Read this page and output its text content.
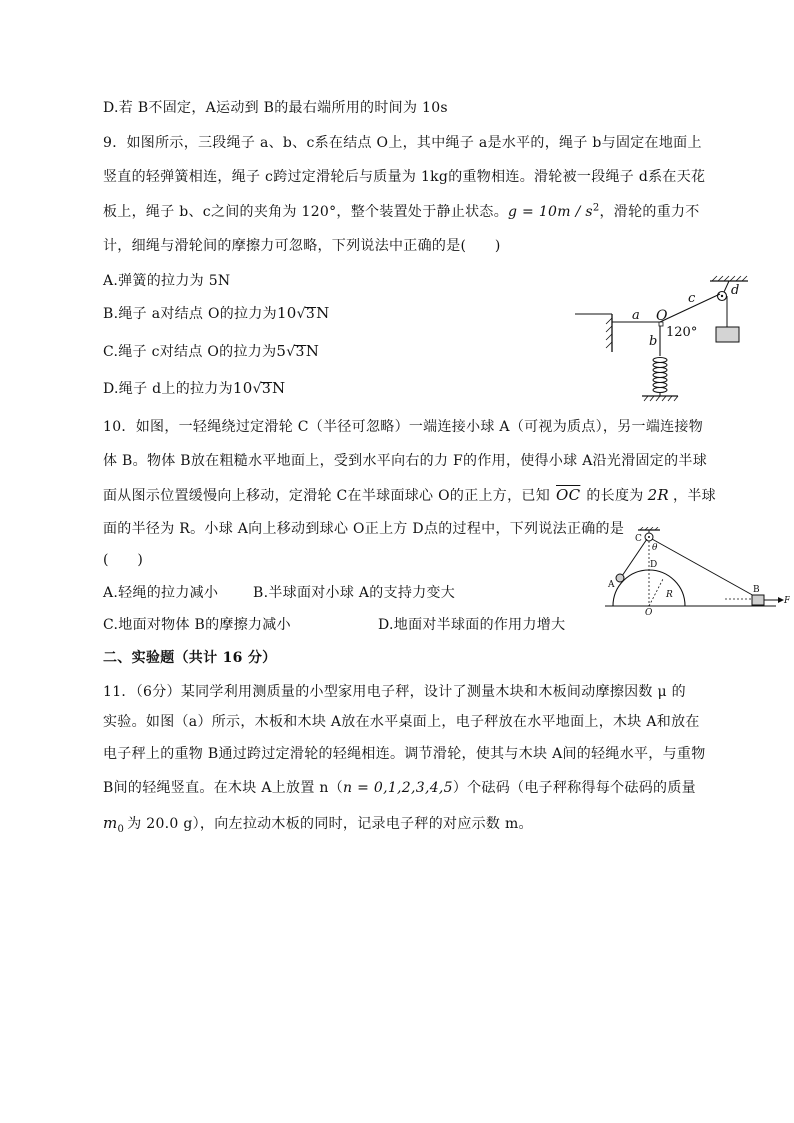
D.若 B不固定，A运动到 B的最右端所用的时间为 10s
9．如图所示，三段绳子 a、b、c系在结点 O上，其中绳子 a是水平的，绳子 b与固定在地面上
竖直的轻弹簧相连，绳子 c跨过定滑轮后与质量为 1kg的重物相连。滑轮被一段绳子 d系在天花
板上，绳子 b、c之间的夹角为 120°，整个装置处于静止状态。$g = 10m / s^2$，滑轮的重力不
计，细绳与滑轮间的摩擦力可忽略，下列说法中正确的是(　　)
A.弹簧的拉力为 5N
B.绳子 a对结点 O的拉力为10√3N
C.绳子 c对结点 O的拉力为5√3N
D.绳子 d上的拉力为10√3N
a O
c
d
b
120°
10．如图，一轻绳绕过定滑轮 C（半径可忽略）一端连接小球 A（可视为质点），另一端连接物
体 B。物体 B放在粗糙水平地面上，受到水平向右的力 F的作用，使得小球 A沿光滑固定的半球
面从图示位置缓慢向上移动，定滑轮 C在半球面球心 O的正上方，已知 $\overline{OC}$ 的长度为 2R ，半球
面的半径为 R。小球 A向上移动到球心 O正上方 D点的过程中，下列说法正确的是
(　　)
A.轻绳的拉力减小 B.半球面对小球 A的支持力变大
C.地面对物体 B的摩擦力减小	D.地面对半球面的作用力增大
C
θ
D
A
R
O
B
F
二、实验题（共计 16 分）
11．（6分）某同学利用测质量的小型家用电子秤，设计了测量木块和木板间动摩擦因数 μ 的
实验。如图（a）所示，木板和木块 A放在水平桌面上，电子秤放在水平地面上，木块 A和放在
电子秤上的重物 B通过跨过定滑轮的轻绳相连。调节滑轮，使其与木块 A间的轻绳水平，与重物
B间的轻绳竖直。在木块 A上放置 n（n = 0,1,2,3,4,5）个砝码（电子秤称得每个砝码的质量
$m_0$ 为 20.0 g），向左拉动木板的同时，记录电子秤的对应示数 m。
